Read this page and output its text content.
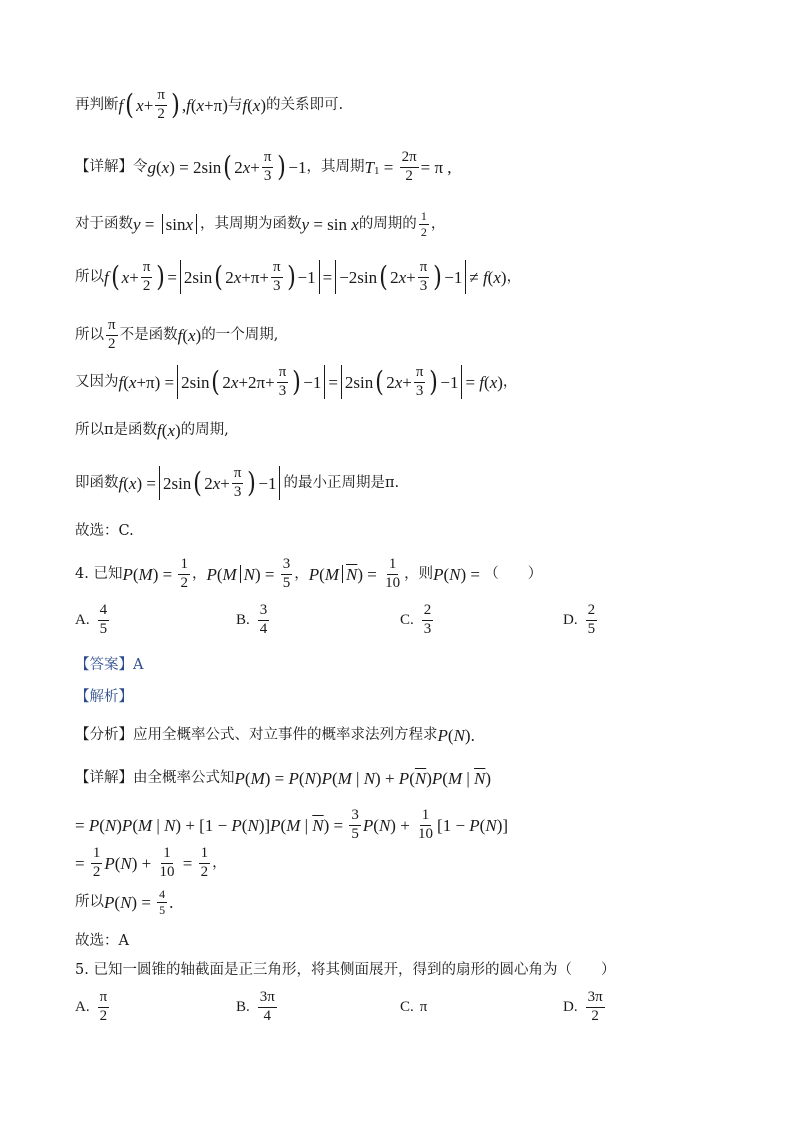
再判断 f ( $x + \frac{\pi}{2}$ ) , f ( x +π) 与 f ( x ) 的关系即可.
【详解】 令 g ( x ) = 2sin ( 2 $x + \frac{\pi}{3}$ ) −1 ，其周期 T $1 = \frac{2\pi}{2} = \pi$ ,
对于函数 y = sin x ，其周期为函数 y = sin x 的周期的 $\frac{1}{2}$ ，
所以 f ( $x + \frac{\pi}{2}$ ) = 2sin ( 2 $x +\pi+ \frac{\pi}{3}$ ) −1 = −2sin ( 2 $x + \frac{\pi}{3}$ ) −1 ≠ f ( x ) ，
所以 $\frac{\pi}{2}$ 不是函数 f ( x ) 的一个周期,
又因为 f ( x +π) = 2sin ( 2 $x +2\pi+ \frac{\pi}{3}$ ) −1 = 2sin ( 2 $x + \frac{\pi}{3}$ ) −1 = f ( x ) ，
所以π是函数 f ( x ) 的周期,
即函数 f ( x ) = 2sin ( 2 $x + \frac{\pi}{3}$ ) −1 的最小正周期是π.
故选：C.
4. 已知 P ( M ) = $\frac{1}{2}$ ， P ( M N ) = $\frac{3}{5}$ ， P ( M $\overline{N}$ ) = $\frac{1}{10}$ ，则 P ( N ) = （　　）
A. $\frac{4}{5}$	B. $\frac{3}{4}$	C. $\frac{2}{3}$	D. $\frac{2}{5}$
【答案】A
【解析】
【分析】应用全概率公式、对立事件的概率求法列方程求 P ( N ).
【详解】 由全概率公式知 P ( M ) = P ( N ) P ( M | N ) + P ( $\overline{N}$ ) P ( M | $\overline{N}$ )
= P ( N ) P ( M | N ) + [1 − P ( N )] P ( M | $\overline{N}$ ) = $\frac{3}{5}$ P ( N ) + $\frac{1}{10} [1 - P$ ( N )]
= $\frac{1}{2}$ P ( N ) + $\frac{1}{10} = \frac{1}{2}$ ，
所以 P ( N ) = $\frac{4}{5}$ .
故选：A
5. 已知一圆锥的轴截面是正三角形，将其侧面展开，得到的扇形的圆心角为（　　）
A. $\frac{\pi}{2}$	B. $\frac{3\pi}{4}$	C. π	D. $\frac{3\pi}{2}$
